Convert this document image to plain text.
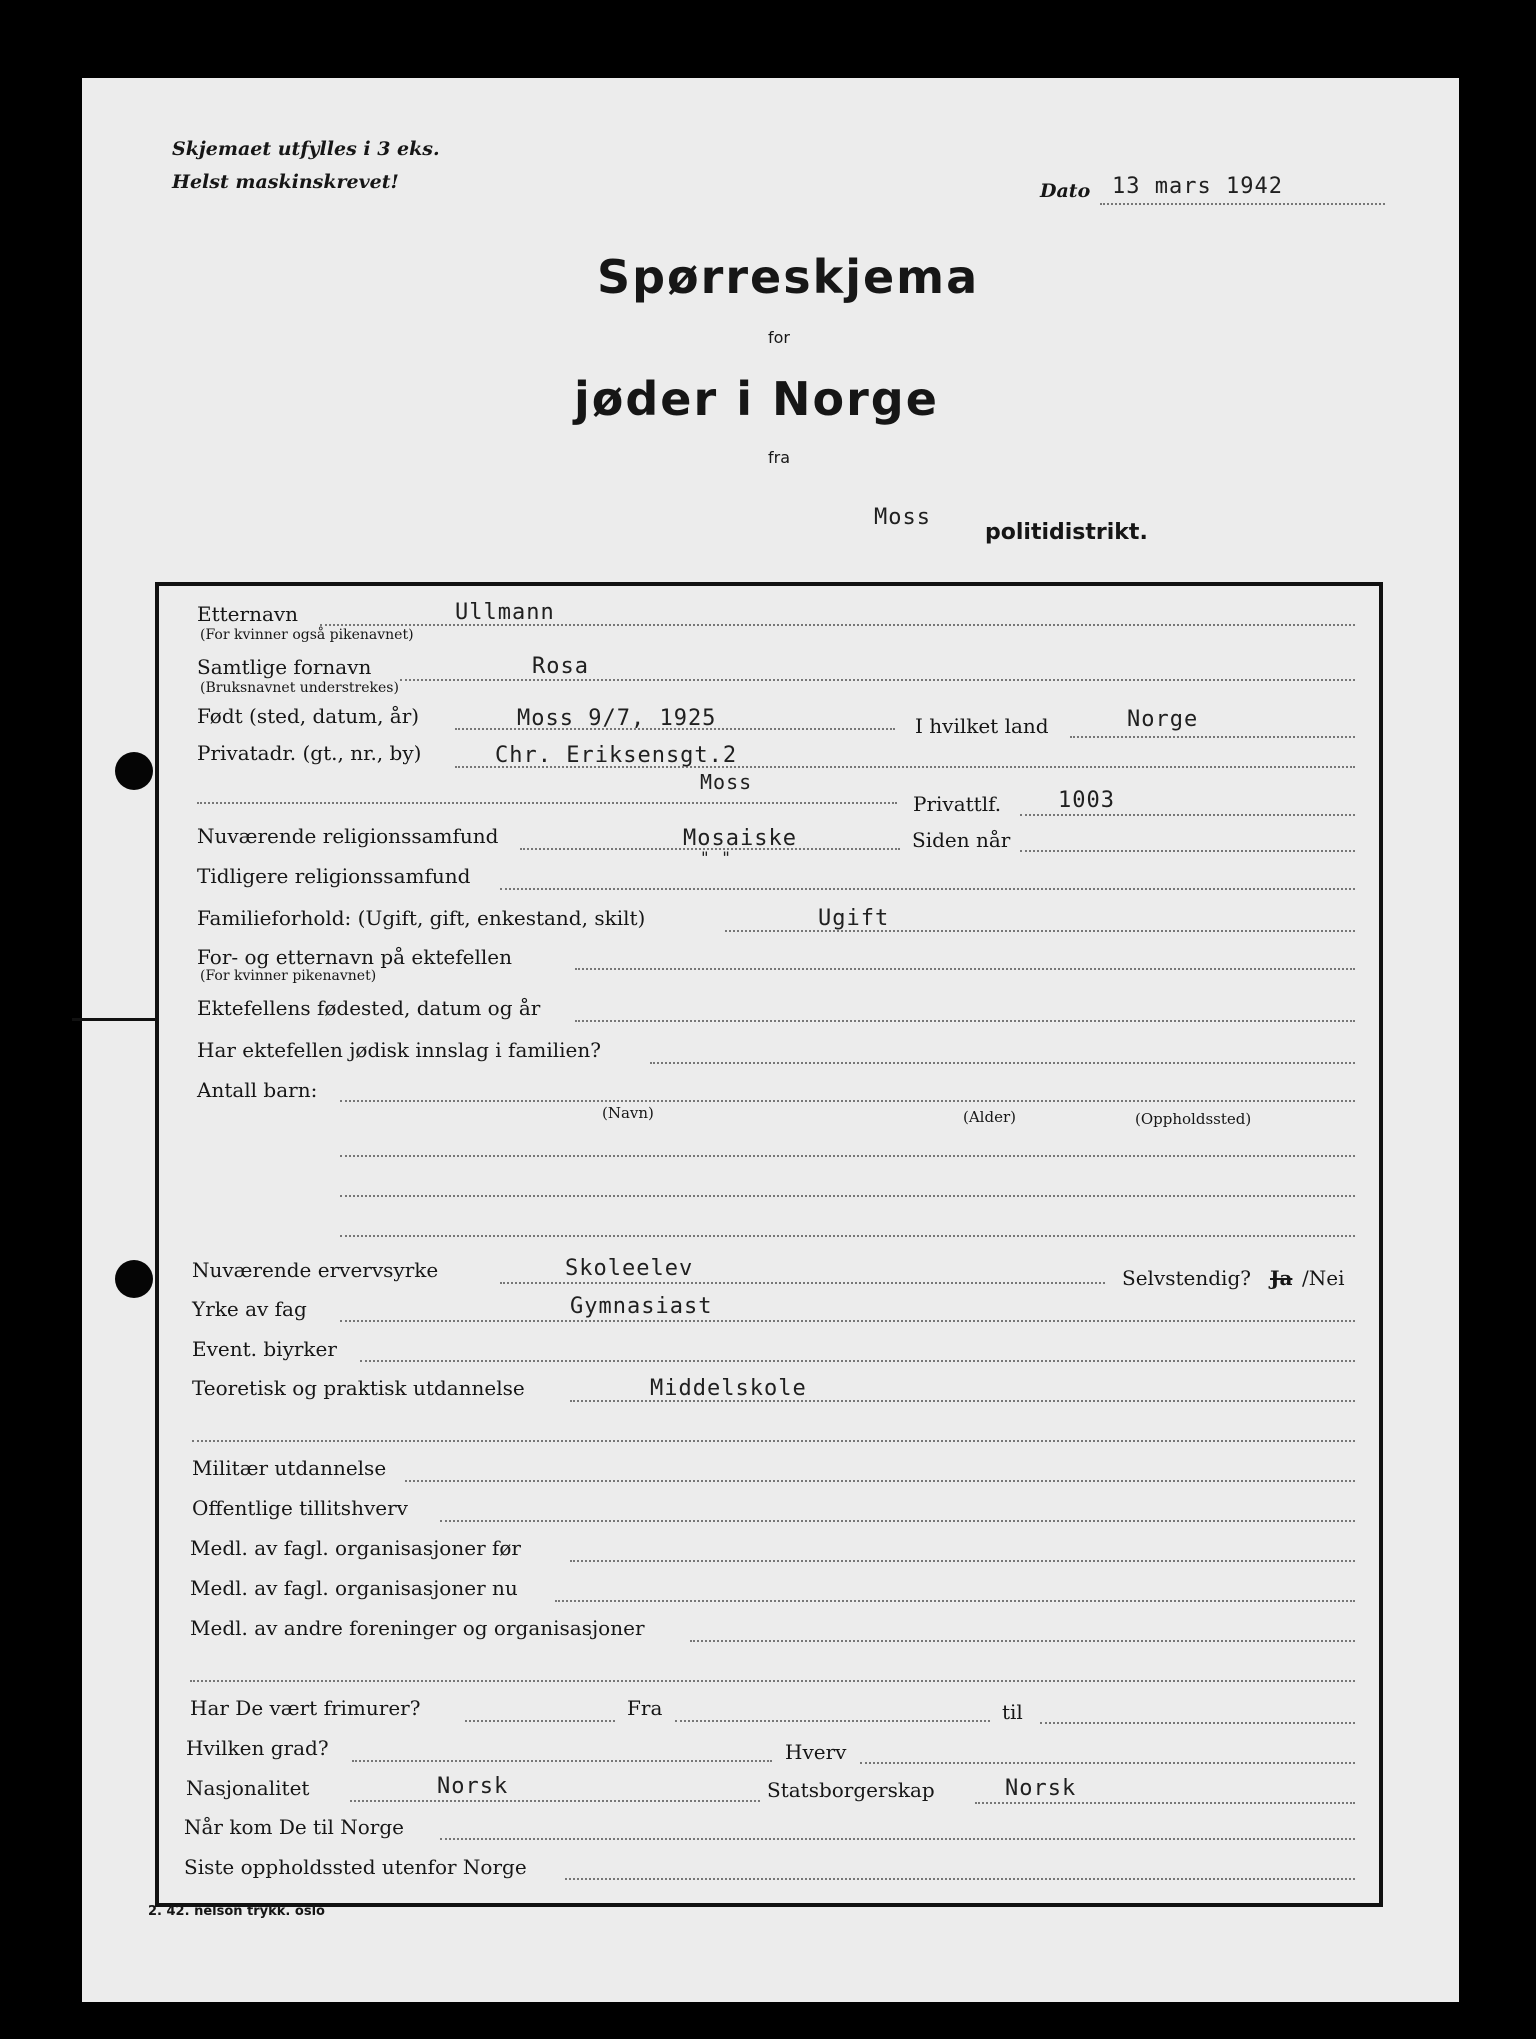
Skjemaet utfylles i 3 eks.
Helst maskinskrevet!	Dato 13 mars 1942
Spørreskjema
for
jøder i Norge
fra
Moss
politidistrikt.
Etternavn
(For kvinner også pikenavnet)
Ullmann
Samtlige fornavn
(Bruksnavnet understrekes)
Rosa
Født (sted, datum, år)	Moss 9/7, 1925	I hvilket land	Norge
Privatadr. (gt., nr., by)	Chr. Eriksensgt.2
Moss
Privattlf.	1003
Nuværende religionssamfund	Mosaiske	Siden når
" "
Tidligere religionssamfund
Familieforhold: (Ugift, gift, enkestand, skilt)	Ugift
For- og etternavn på ektefellen
(For kvinner pikenavnet)
Ektefellens fødested, datum og år
Har ektefellen jødisk innslag i familien?
Antall barn:
(Navn)	(Alder)	(Oppholdssted)
Nuværende ervervsyrke	Skoleelev	Selvstendig? Ja /Nei
Yrke av fag	Gymnasiast
Event. biyrker
Teoretisk og praktisk utdannelse	Middelskole
Militær utdannelse
Offentlige tillitshverv
Medl. av fagl. organisasjoner før
Medl. av fagl. organisasjoner nu
Medl. av andre foreninger og organisasjoner
Har De vært frimurer?	Fra	til
Hvilken grad?	Hverv
Nasjonalitet	Norsk	Statsborgerskap	Norsk
Når kom De til Norge
Siste oppholdssted utenfor Norge
2. 42. nelson trykk. oslo
